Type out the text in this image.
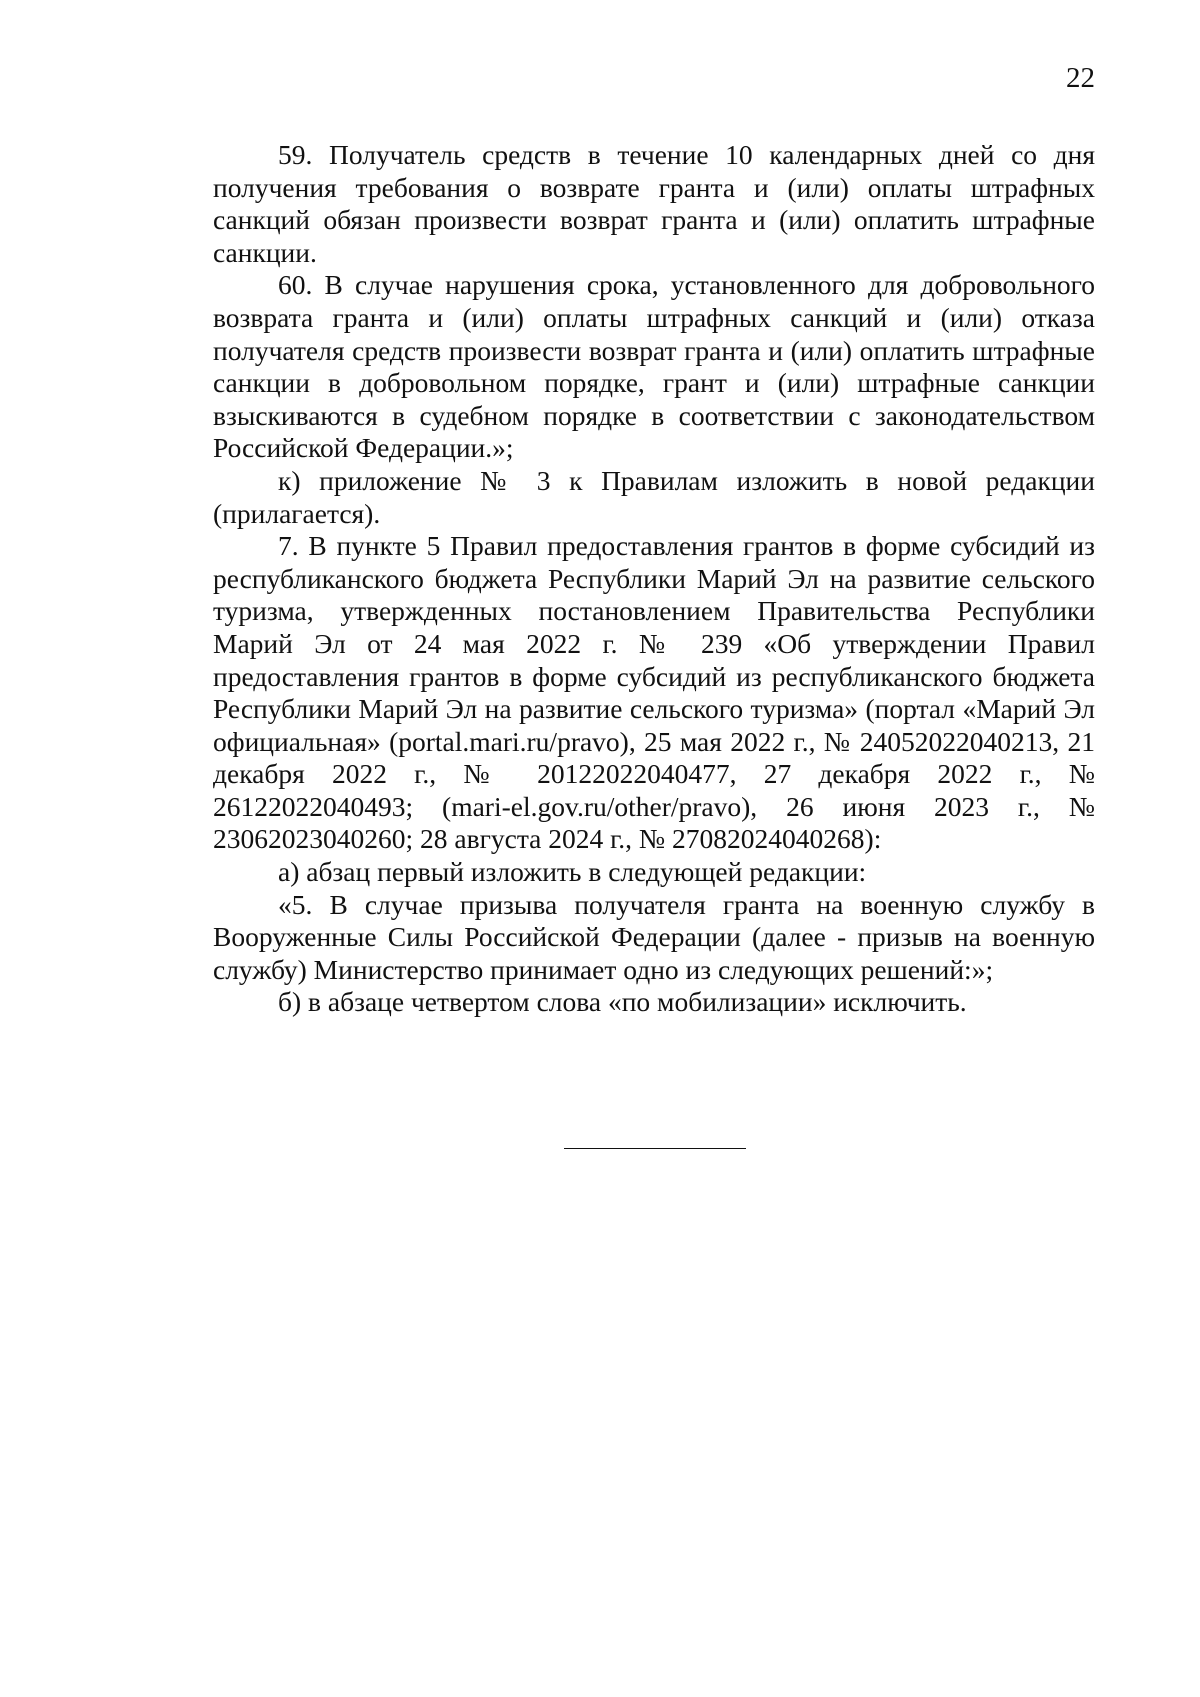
22

59. Получатель средств в течение 10 календарных дней со дня получения требования о возврате гранта и (или) оплаты штрафных санкций обязан произвести возврат гранта и (или) оплатить штрафные санкции.

60. В случае нарушения срока, установленного для добровольного возврата гранта и (или) оплаты штрафных санкций и (или) отказа получателя средств произвести возврат гранта и (или) оплатить штрафные санкции в добровольном порядке, грант и (или) штрафные санкции взыскиваются в судебном порядке в соответствии с законодательством Российской Федерации.»;

к) приложение № 3 к Правилам изложить в новой редакции (прилагается).

7. В пункте 5 Правил предоставления грантов в форме субсидий из республиканского бюджета Республики Марий Эл на развитие сельского туризма, утвержденных постановлением Правительства Республики Марий Эл от 24 мая 2022 г. № 239 «Об утверждении Правил предоставления грантов в форме субсидий из республиканского бюджета Республики Марий Эл на развитие сельского туризма» (портал «Марий Эл официальная» (portal.mari.ru/pravo), 25 мая 2022 г., № 24052022040213, 21 декабря 2022 г., № 20122022040477, 27 декабря 2022 г., № 26122022040493; (mari-el.gov.ru/other/pravo), 26 июня 2023 г., № 23062023040260; 28 августа 2024 г., № 27082024040268):

а) абзац первый изложить в следующей редакции:

«5. В случае призыва получателя гранта на военную службу в Вооруженные Силы Российской Федерации (далее - призыв на военную службу) Министерство принимает одно из следующих решений:»;

б) в абзаце четвертом слова «по мобилизации» исключить.
